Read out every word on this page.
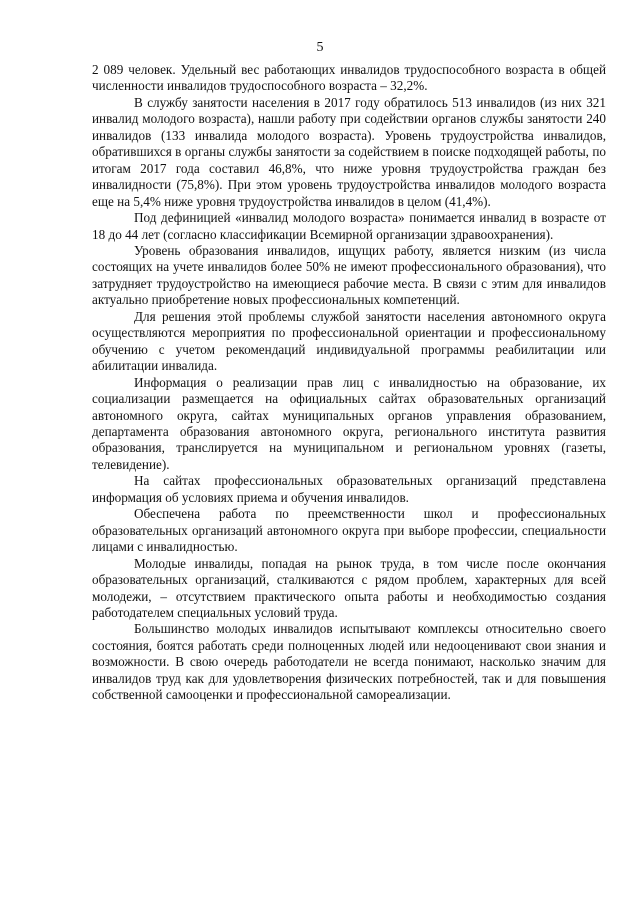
5

2 089 человек. Удельный вес работающих инвалидов трудоспособного возраста в общей численности инвалидов трудоспособного возраста – 32,2%.

В службу занятости населения в 2017 году обратилось 513 инвалидов (из них 321 инвалид молодого возраста), нашли работу при содействии органов службы занятости 240 инвалидов (133 инвалида молодого возраста). Уровень трудоустройства инвалидов, обратившихся в органы службы занятости за содействием в поиске подходящей работы, по итогам 2017 года составил 46,8%, что ниже уровня трудоустройства граждан без инвалидности (75,8%). При этом уровень трудоустройства инвалидов молодого возраста еще на 5,4% ниже уровня трудоустройства инвалидов в целом (41,4%).

Под дефиницией «инвалид молодого возраста» понимается инвалид в возрасте от 18 до 44 лет (согласно классификации Всемирной организации здравоохранения).

Уровень образования инвалидов, ищущих работу, является низким (из числа состоящих на учете инвалидов более 50% не имеют профессионального образования), что затрудняет трудоустройство на имеющиеся рабочие места. В связи с этим для инвалидов актуально приобретение новых профессиональных компетенций.

Для решения этой проблемы службой занятости населения автономного округа осуществляются мероприятия по профессиональной ориентации и профессиональному обучению с учетом рекомендаций индивидуальной программы реабилитации или абилитации инвалида.

Информация о реализации прав лиц с инвалидностью на образование, их социализации размещается на официальных сайтах образовательных организаций автономного округа, сайтах муниципальных органов управления образованием, департамента образования автономного округа, регионального института развития образования, транслируется на муниципальном и региональном уровнях (газеты, телевидение).

На сайтах профессиональных образовательных организаций представлена информация об условиях приема и обучения инвалидов.

Обеспечена работа по преемственности школ и профессиональных образовательных организаций автономного округа при выборе профессии, специальности лицами с инвалидностью.

Молодые инвалиды, попадая на рынок труда, в том числе после окончания образовательных организаций, сталкиваются с рядом проблем, характерных для всей молодежи, – отсутствием практического опыта работы и необходимостью создания работодателем специальных условий труда.

Большинство молодых инвалидов испытывают комплексы относительно своего состояния, боятся работать среди полноценных людей или недооценивают свои знания и возможности. В свою очередь работодатели не всегда понимают, насколько значим для инвалидов труд как для удовлетворения физических потребностей, так и для повышения собственной самооценки и профессиональной самореализации.
